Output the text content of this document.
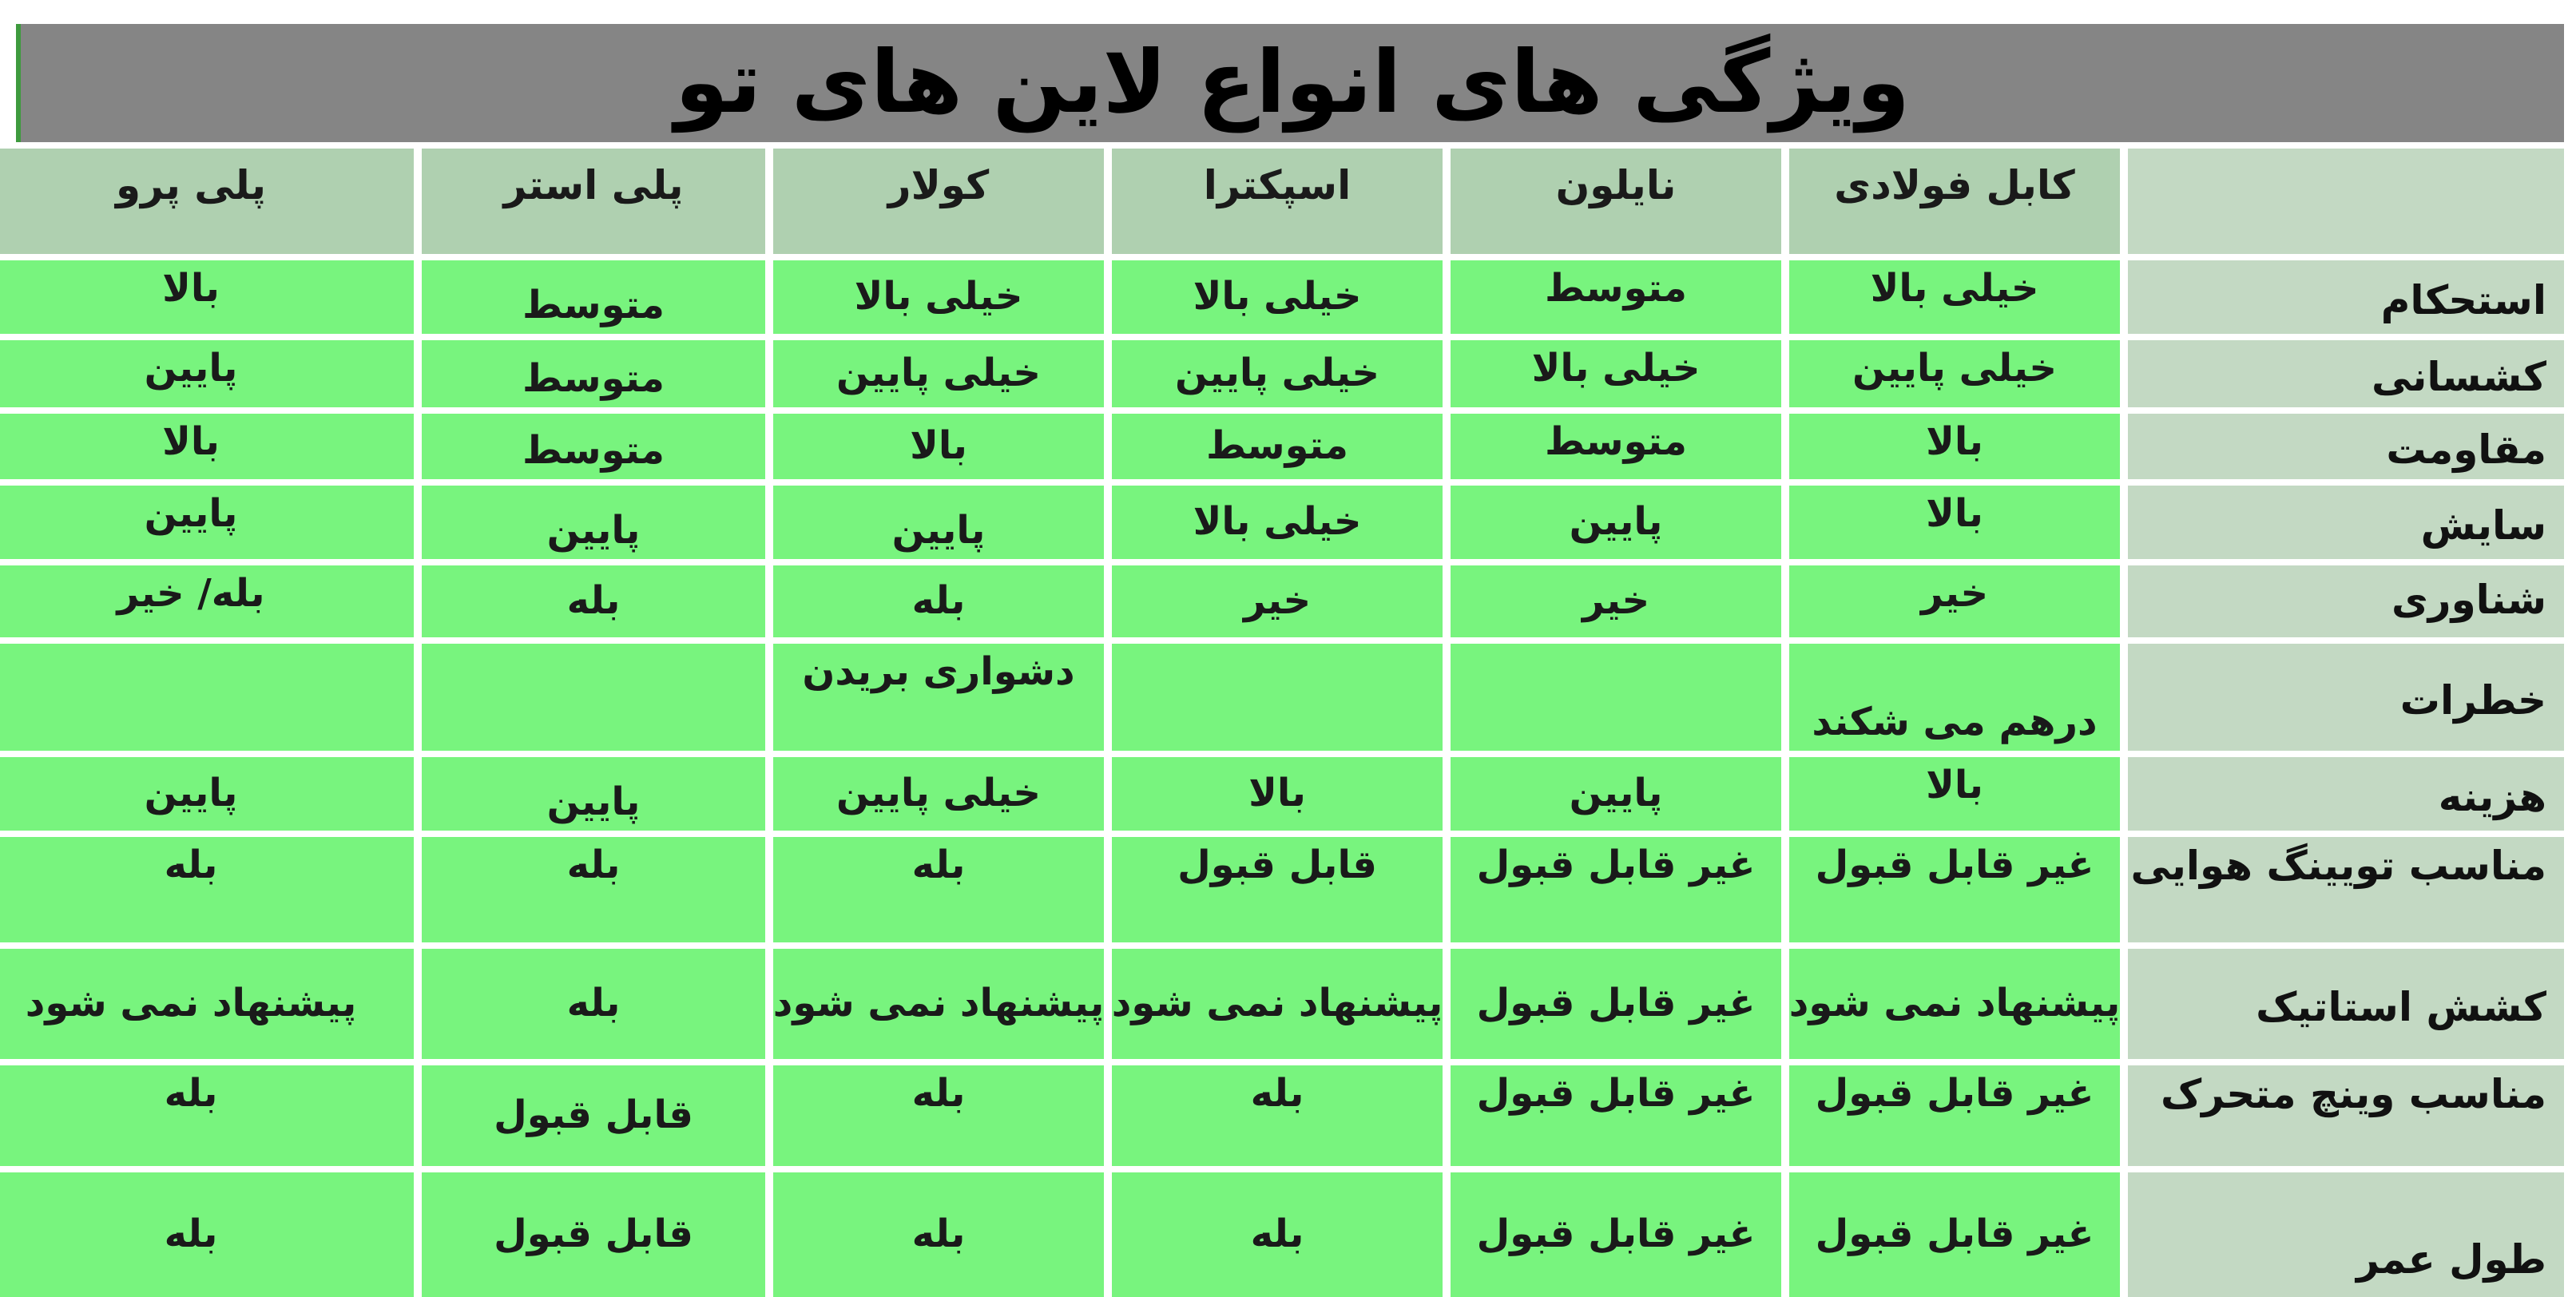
ویژگی های انواع لاین های تو
کابل فولادی
نایلون
اسپکترا
کولار
پلی استر
پلی پرو
استحکام
خیلی بالا
متوسط
خیلی بالا
خیلی بالا
متوسط
بالا
کشسانی
خیلی پایین
خیلی بالا
خیلی پایین
خیلی پایین
متوسط
پایین
مقاومت
بالا
متوسط
متوسط
بالا
متوسط
بالا
سایش
بالا
پایین
خیلی بالا
پایین
پایین
پایین
شناوری
خیر
خیر
خیر
بله
بله
بله/ خیر
خطرات
درهم می شکند
دشواری بریدن
هزینه
بالا
پایین
بالا
خیلی پایین
پایین
پایین
مناسب تویینگ هوایی
غیر قابل قبول
غیر قابل قبول
قابل قبول
بله
بله
بله
کشش استاتیک
پیشنهاد نمی شود
غیر قابل قبول
پیشنهاد نمی شود
پیشنهاد نمی شود
بله
پیشنهاد نمی شود
مناسب وینچ متحرک
غیر قابل قبول
غیر قابل قبول
بله
بله
قابل قبول
بله
طول عمر
غیر قابل قبول
غیر قابل قبول
بله
بله
قابل قبول
بله
